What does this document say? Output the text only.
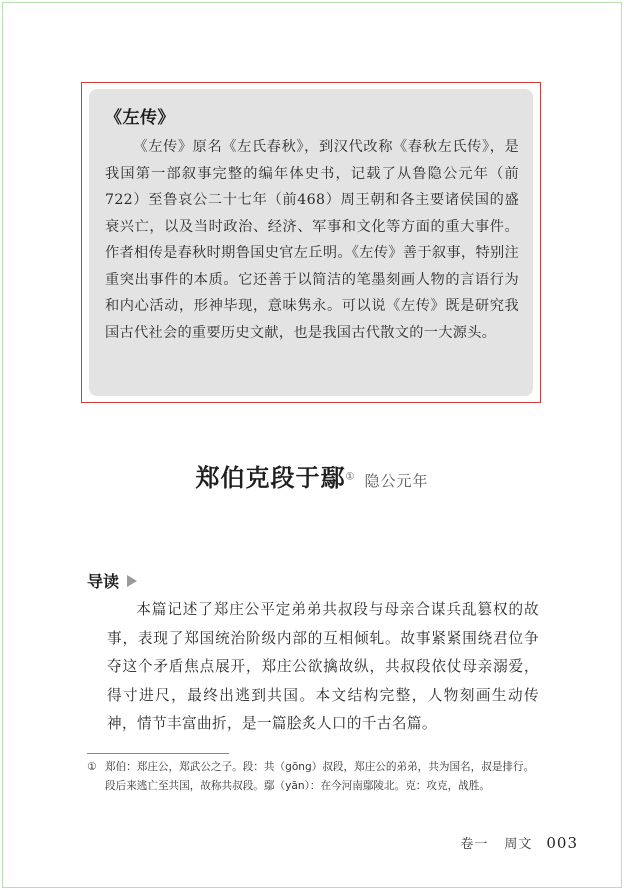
《左传》

《左传》原名《左氏春秋》，到汉代改称《春秋左氏传》，是我国第一部叙事完整的编年体史书，记载了从鲁隐公元年（前722）至鲁哀公二十七年（前468）周王朝和各主要诸侯国的盛衰兴亡，以及当时政治、经济、军事和文化等方面的重大事件。作者相传是春秋时期鲁国史官左丘明。《左传》善于叙事，特别注重突出事件的本质。它还善于以简洁的笔墨刻画人物的言语行为和内心活动，形神毕现，意味隽永。可以说《左传》既是研究我国古代社会的重要历史文献，也是我国古代散文的一大源头。

郑伯克段于鄢① 隐公元年
导读

本篇记述了郑庄公平定弟弟共叔段与母亲合谋兵乱篡权的故事，表现了郑国统治阶级内部的互相倾轧。故事紧紧围绕君位争夺这个矛盾焦点展开，郑庄公欲擒故纵，共叔段依仗母亲溺爱，得寸进尺，最终出逃到共国。本文结构完整，人物刻画生动传神，情节丰富曲折，是一篇脍炙人口的千古名篇。

① 郑伯：郑庄公，郑武公之子。段：共（gōng）叔段，郑庄公的弟弟，共为国名，叔是排行。段后来逃亡至共国，故称共叔段。鄢（yān）：在今河南鄢陵北。克：攻克，战胜。

卷一 周文 003
